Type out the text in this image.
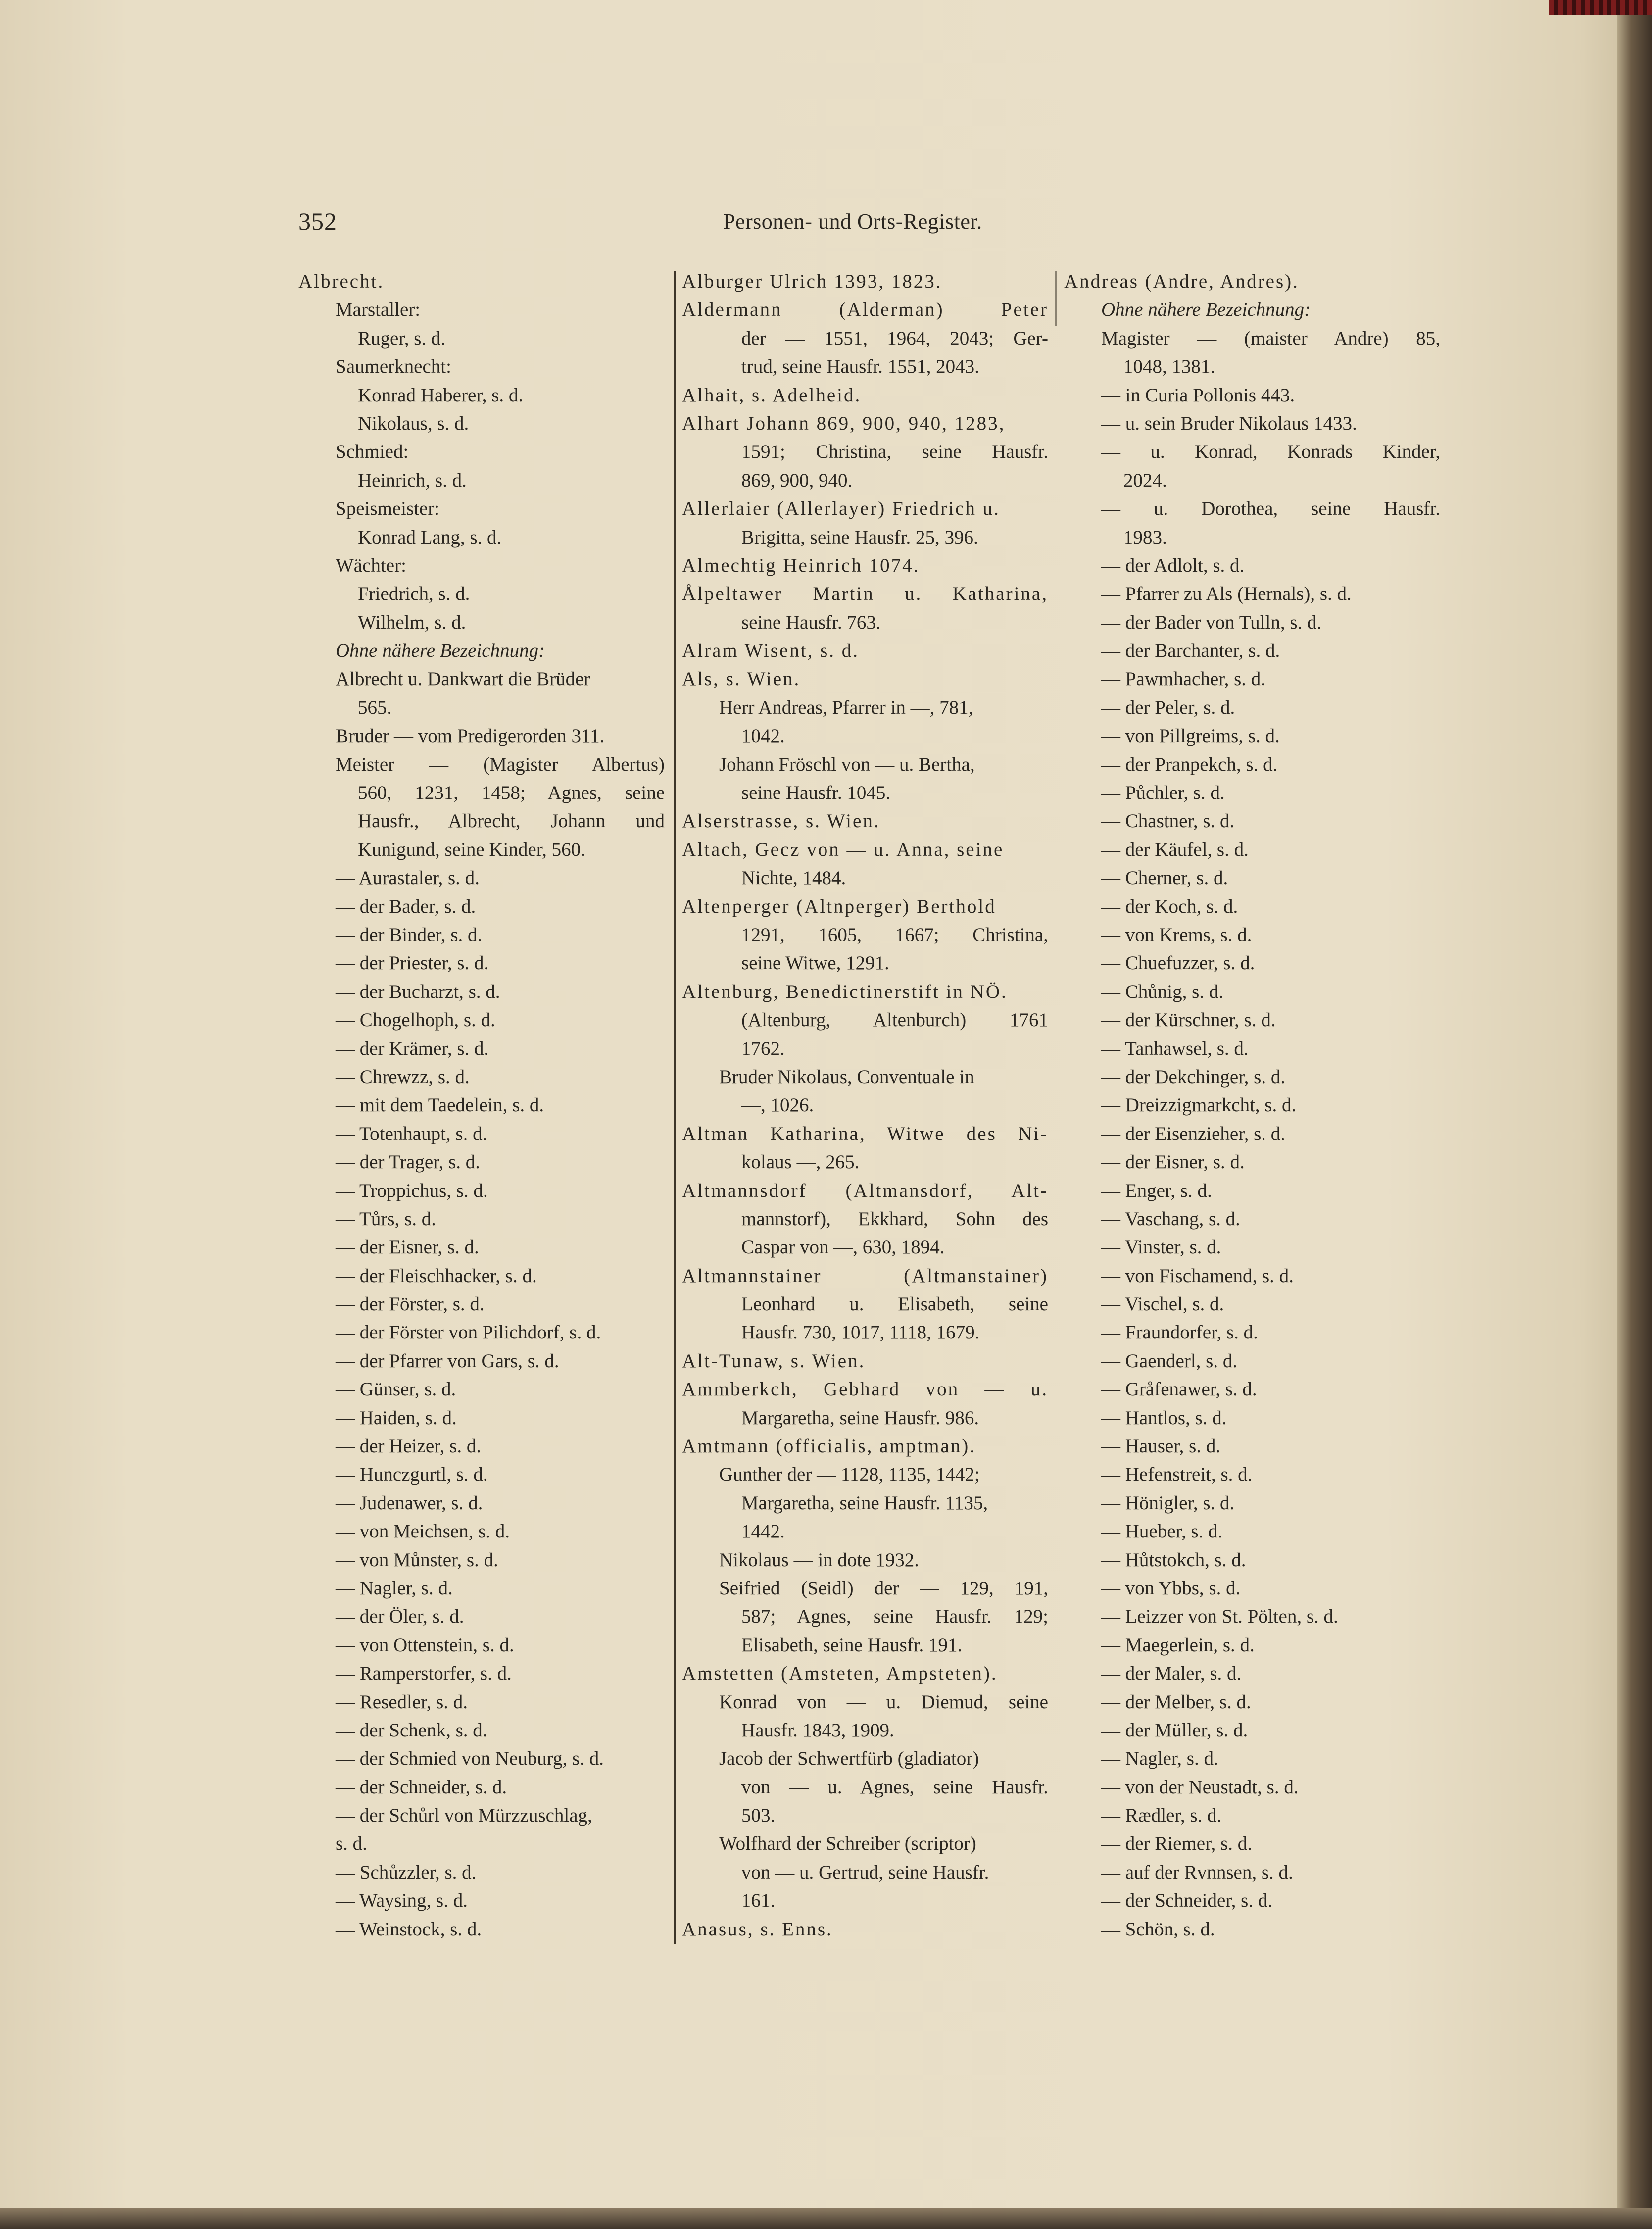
352	Personen- und Orts-Register.
Albrecht.
Marstaller:
Ruger, s. d.
Saumerknecht:
Konrad Haberer, s. d.
Nikolaus, s. d.
Schmied:
Heinrich, s. d.
Speismeister:
Konrad Lang, s. d.
Wächter:
Friedrich, s. d.
Wilhelm, s. d.
Ohne nähere Bezeichnung:
Albrecht u. Dankwart die Brüder
565.
Bruder — vom Predigerorden 311.
Meister — (Magister Albertus)
560, 1231, 1458; Agnes, seine
Hausfr., Albrecht, Johann und
Kunigund, seine Kinder, 560.
— Aurastaler, s. d.
— der Bader, s. d.
— der Binder, s. d.
— der Priester, s. d.
— der Bucharzt, s. d.
— Chogelhoph, s. d.
— der Krämer, s. d.
— Chrewzz, s. d.
— mit dem Taedelein, s. d.
— Totenhaupt, s. d.
— der Trager, s. d.
— Troppichus, s. d.
— Tůrs, s. d.
— der Eisner, s. d.
— der Fleischhacker, s. d.
— der Förster, s. d.
— der Förster von Pilichdorf, s. d.
— der Pfarrer von Gars, s. d.
— Günser, s. d.
— Haiden, s. d.
— der Heizer, s. d.
— Hunczgurtl, s. d.
— Judenawer, s. d.
— von Meichsen, s. d.
— von Můnster, s. d.
— Nagler, s. d.
— der Öler, s. d.
— von Ottenstein, s. d.
— Ramperstorfer, s. d.
— Resedler, s. d.
— der Schenk, s. d.
— der Schmied von Neuburg, s. d.
— der Schneider, s. d.
— der Schůrl von Mürzzuschlag,
s. d.
— Schůzzler, s. d.
— Waysing, s. d.
— Weinstock, s. d.
Alburger Ulrich 1393, 1823.
Aldermann (Alderman) Peter
der — 1551, 1964, 2043; Ger-
trud, seine Hausfr. 1551, 2043.
Alhait, s. Adelheid.
Alhart Johann 869, 900, 940, 1283,
1591; Christina, seine Hausfr.
869, 900, 940.
Allerlaier (Allerlayer) Friedrich u.
Brigitta, seine Hausfr. 25, 396.
Almechtig Heinrich 1074.
Ålpeltawer Martin u. Katharina,
seine Hausfr. 763.
Alram Wisent, s. d.
Als, s. Wien.
Herr Andreas, Pfarrer in —, 781,
1042.
Johann Fröschl von — u. Bertha,
seine Hausfr. 1045.
Alserstrasse, s. Wien.
Altach, Gecz von — u. Anna, seine
Nichte, 1484.
Altenperger (Altnperger) Berthold
1291, 1605, 1667; Christina,
seine Witwe, 1291.
Altenburg, Benedictinerstift in NÖ.
(Altenburg, Altenburch) 1761
1762.
Bruder Nikolaus, Conventuale in
—, 1026.
Altman Katharina, Witwe des Ni-
kolaus —, 265.
Altmannsdorf (Altmansdorf, Alt-
mannstorf), Ekkhard, Sohn des
Caspar von —, 630, 1894.
Altmannstainer (Altmanstainer)
Leonhard u. Elisabeth, seine
Hausfr. 730, 1017, 1118, 1679.
Alt-Tunaw, s. Wien.
Ammberkch, Gebhard von — u.
Margaretha, seine Hausfr. 986.
Amtmann (officialis, amptman).
Gunther der — 1128, 1135, 1442;
Margaretha, seine Hausfr. 1135,
1442.
Nikolaus — in dote 1932.
Seifried (Seidl) der — 129, 191,
587; Agnes, seine Hausfr. 129;
Elisabeth, seine Hausfr. 191.
Amstetten (Amsteten, Ampsteten).
Konrad von — u. Diemud, seine
Hausfr. 1843, 1909.
Jacob der Schwertfürb (gladiator)
von — u. Agnes, seine Hausfr.
503.
Wolfhard der Schreiber (scriptor)
von — u. Gertrud, seine Hausfr.
161.
Anasus, s. Enns.
Andreas (Andre, Andres).
Ohne nähere Bezeichnung:
Magister — (maister Andre) 85,
1048, 1381.
— in Curia Pollonis 443.
— u. sein Bruder Nikolaus 1433.
— u. Konrad, Konrads Kinder,
2024.
— u. Dorothea, seine Hausfr.
1983.
— der Adlolt, s. d.
— Pfarrer zu Als (Hernals), s. d.
— der Bader von Tulln, s. d.
— der Barchanter, s. d.
— Pawmhacher, s. d.
— der Peler, s. d.
— von Pillgreims, s. d.
— der Pranpekch, s. d.
— Půchler, s. d.
— Chastner, s. d.
— der Käufel, s. d.
— Cherner, s. d.
— der Koch, s. d.
— von Krems, s. d.
— Chuefuzzer, s. d.
— Chůnig, s. d.
— der Kürschner, s. d.
— Tanhawsel, s. d.
— der Dekchinger, s. d.
— Dreizzigmarkcht, s. d.
— der Eisenzieher, s. d.
— der Eisner, s. d.
— Enger, s. d.
— Vaschang, s. d.
— Vinster, s. d.
— von Fischamend, s. d.
— Vischel, s. d.
— Fraundorfer, s. d.
— Gaenderl, s. d.
— Gråfenawer, s. d.
— Hantlos, s. d.
— Hauser, s. d.
— Hefenstreit, s. d.
— Hönigler, s. d.
— Hueber, s. d.
— Hůtstokch, s. d.
— von Ybbs, s. d.
— Leizzer von St. Pölten, s. d.
— Maegerlein, s. d.
— der Maler, s. d.
— der Melber, s. d.
— der Müller, s. d.
— Nagler, s. d.
— von der Neustadt, s. d.
— Rædler, s. d.
— der Riemer, s. d.
— auf der Rvnnsen, s. d.
— der Schneider, s. d.
— Schön, s. d.
